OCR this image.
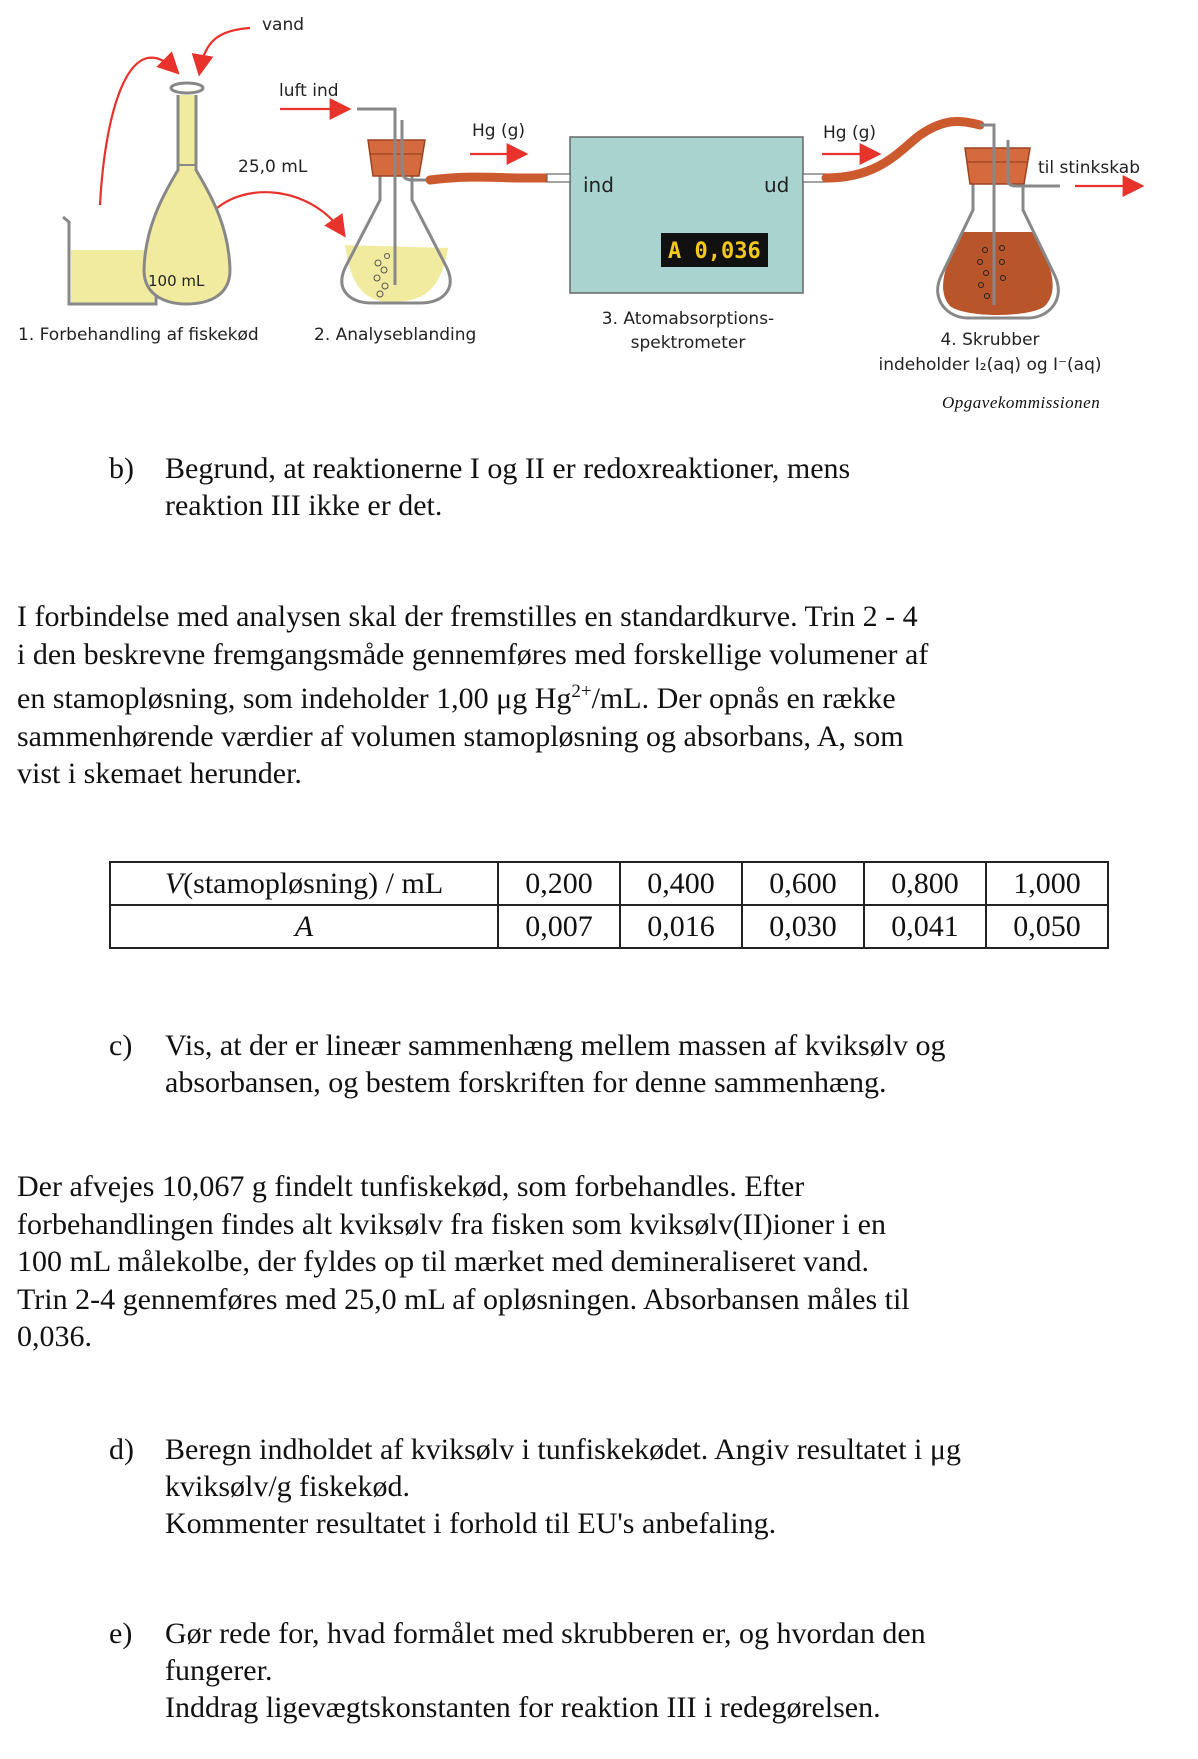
vand
luft ind
25,0 mL
100 mL
Hg (g)	Hg (g)
ind	ud
A 0,036
til stinkskab
1. Forbehandling af fiskekød	2. Analyseblanding
3. Atomabsorptions-
spektrometer	4. Skrubber
indeholder I₂(aq) og I⁻(aq)
Opgavekommissionen
b) Begrund, at reaktionerne I og II er redoxreaktioner, mens
reaktion III ikke er det.
I forbindelse med analysen skal der fremstilles en standardkurve. Trin 2 - 4
i den beskrevne fremgangsmåde gennemføres med forskellige volumener af
en stamopløsning, som indeholder 1,00 μg $Hg^{2+}/mL$. Der opnås en række
sammenhørende værdier af volumen stamopløsning og absorbans, A, som
vist i skemaet herunder.
V(stamopløsning) / mL	0,200	0,400	0,600	0,800	1,000
A	0,007	0,016	0,030	0,041	0,050
c) Vis, at der er lineær sammenhæng mellem massen af kviksølv og
absorbansen, og bestem forskriften for denne sammenhæng.
Der afvejes 10,067 g findelt tunfiskekød, som forbehandles. Efter
forbehandlingen findes alt kviksølv fra fisken som kviksølv(II)ioner i en
100 mL målekolbe, der fyldes op til mærket med demineraliseret vand.
Trin 2-4 gennemføres med 25,0 mL af opløsningen. Absorbansen måles til
0,036.
d) Beregn indholdet af kviksølv i tunfiskekødet. Angiv resultatet i μg
kviksølv/g fiskekød.
Kommenter resultatet i forhold til EU's anbefaling.
e) Gør rede for, hvad formålet med skrubberen er, og hvordan den
fungerer.
Inddrag ligevægtskonstanten for reaktion III i redegørelsen.
